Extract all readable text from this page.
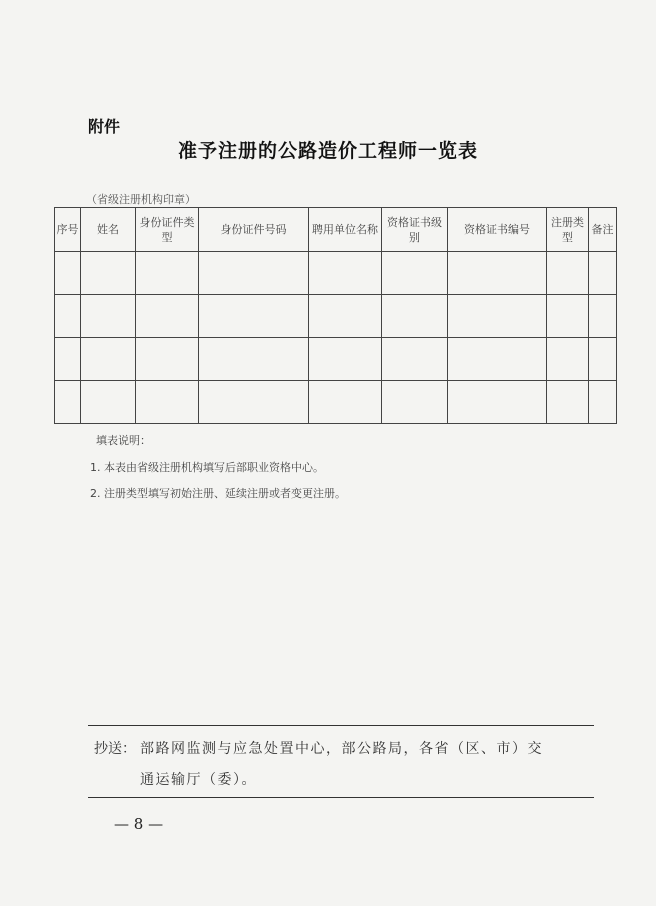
附件
准予注册的公路造价工程师一览表
（省级注册机构印章）
序号	姓名	身份证件类型	身份证件号码	聘用单位名称	资格证书级别	资格证书编号	注册类型	备注

填表说明：
1. 本表由省级注册机构填写后部职业资格中心。
2. 注册类型填写初始注册、延续注册或者变更注册。
抄送： 部路网监测与应急处置中心，部公路局，各省（区、市）交
通运输厅（委）。
— 8 —
